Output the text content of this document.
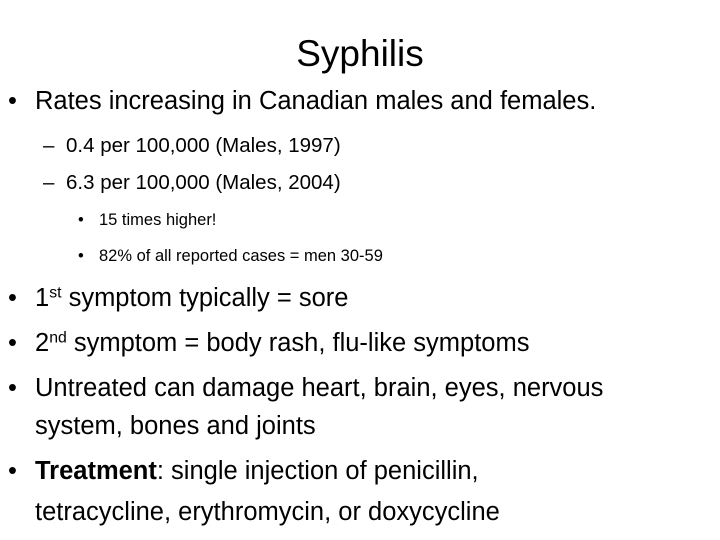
Syphilis
• Rates increasing in Canadian males and females.
– 0.4 per 100,000 (Males, 1997)
– 6.3 per 100,000 (Males, 2004)
• 15 times higher!
• 82% of all reported cases = men 30-59
• 1st symptom typically = sore
• 2nd symptom = body rash, flu-like symptoms
• Untreated can damage heart, brain, eyes, nervous
system, bones and joints
• Treatment: single injection of penicillin,
tetracycline, erythromycin, or doxycycline
